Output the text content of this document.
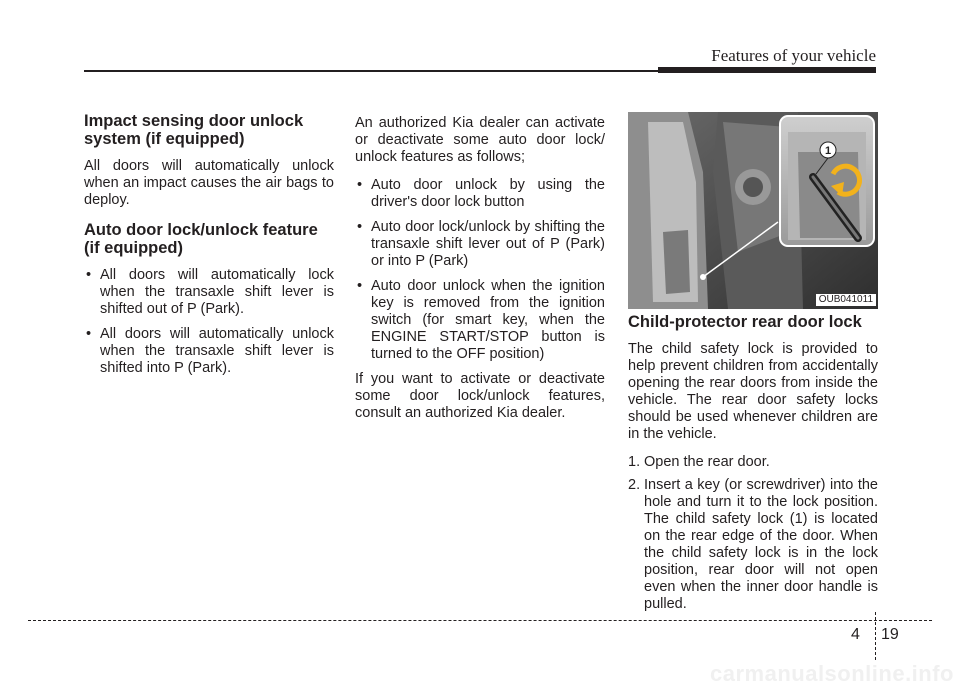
Features of your vehicle
Impact sensing door unlock
system (if equipped)

All doors will automatically unlock when an impact causes the air bags to deploy.

Auto door lock/unlock feature
(if equipped)
• All doors will automatically lock when the transaxle shift lever is shifted out of P (Park).
• All doors will automatically unlock when the transaxle shift lever is shifted into P (Park).

An authorized Kia dealer can activate or deactivate some auto door lock/ unlock features as follows;

• Auto door unlock by using the driver's door lock button
• Auto door lock/unlock by shifting the transaxle shift lever out of P (Park) or into P (Park)
• Auto door unlock when the ignition key is removed from the ignition switch (for smart key, when the ENGINE START/STOP button is turned to the OFF position)

If you want to activate or deactivate some door lock/unlock features, consult an authorized Kia dealer.

1
OUB041011
Child-protector rear door lock

The child safety lock is provided to help prevent children from accidentally opening the rear doors from inside the vehicle. The rear door safety locks should be used whenever children are in the vehicle.

1. Open the rear door.
2. Insert a key (or screwdriver) into the hole and turn it to the lock position. The child safety lock (1) is located on the rear edge of the door. When the child safety lock is in the lock position, rear door will not open even when the inner door handle is pulled.
4 19
carmanualsonline.info
